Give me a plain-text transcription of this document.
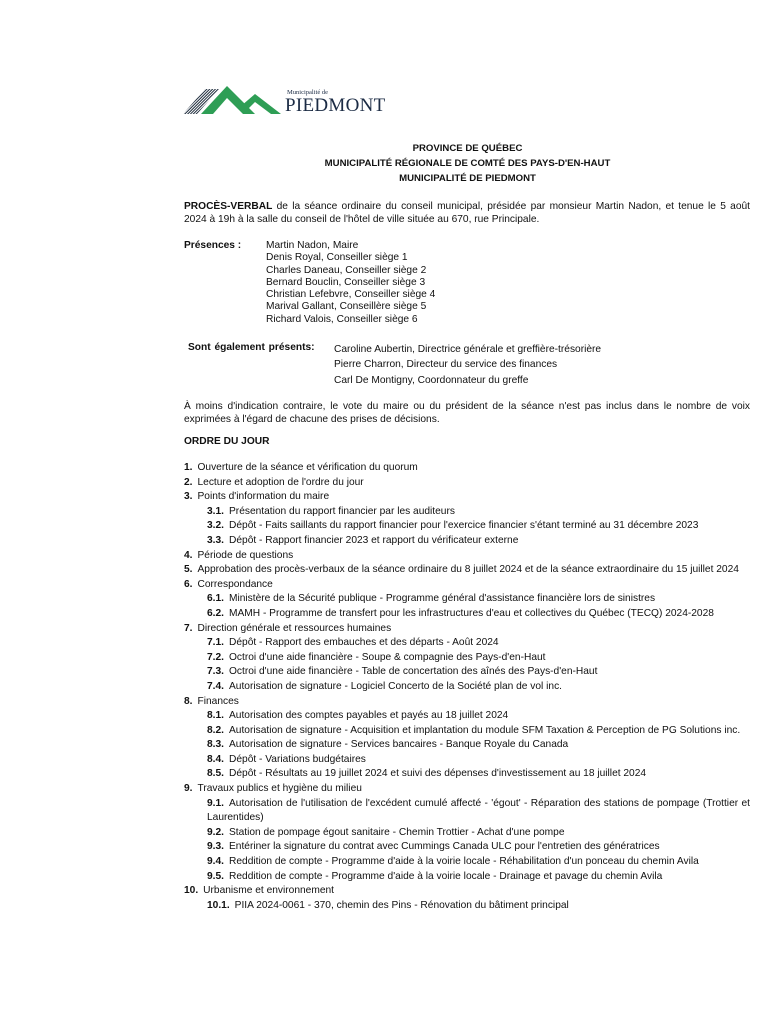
Municipalité de
PIEDMONT
PROVINCE DE QUÉBEC
MUNICIPALITÉ RÉGIONALE DE COMTÉ DES PAYS-D'EN-HAUT
MUNICIPALITÉ DE PIEDMONT
PROCÈS-VERBAL de la séance ordinaire du conseil municipal, présidée par monsieur Martin Nadon, et tenue le 5 août 2024 à 19h à la salle du conseil de l'hôtel de ville située au 670, rue Principale.
Présences : Martin Nadon, Maire
Denis Royal, Conseiller siège 1
Charles Daneau, Conseiller siège 2
Bernard Bouclin, Conseiller siège 3
Christian Lefebvre, Conseiller siège 4
Marival Gallant, Conseillère siège 5
Richard Valois, Conseiller siège 6
Sont également présents: Caroline Aubertin, Directrice générale et greffière-trésorière
Pierre Charron, Directeur du service des finances
Carl De Montigny, Coordonnateur du greffe
À moins d'indication contraire, le vote du maire ou du président de la séance n'est pas inclus dans le nombre de voix exprimées à l'égard de chacune des prises de décisions.
ORDRE DU JOUR
1. Ouverture de la séance et vérification du quorum
2. Lecture et adoption de l'ordre du jour
3. Points d'information du maire
3.1. Présentation du rapport financier par les auditeurs
3.2. Dépôt - Faits saillants du rapport financier pour l'exercice financier s'étant terminé au 31 décembre 2023
3.3. Dépôt - Rapport financier 2023 et rapport du vérificateur externe
4. Période de questions
5. Approbation des procès-verbaux de la séance ordinaire du 8 juillet 2024 et de la séance extraordinaire du 15 juillet 2024
6. Correspondance
6.1. Ministère de la Sécurité publique - Programme général d'assistance financière lors de sinistres
6.2. MAMH - Programme de transfert pour les infrastructures d'eau et collectives du Québec (TECQ) 2024-2028
7. Direction générale et ressources humaines
7.1. Dépôt - Rapport des embauches et des départs - Août 2024
7.2. Octroi d'une aide financière - Soupe & compagnie des Pays-d'en-Haut
7.3. Octroi d'une aide financière - Table de concertation des aînés des Pays-d'en-Haut
7.4. Autorisation de signature - Logiciel Concerto de la Société plan de vol inc.
8. Finances
8.1. Autorisation des comptes payables et payés au 18 juillet 2024
8.2. Autorisation de signature - Acquisition et implantation du module SFM Taxation & Perception de PG Solutions inc.
8.3. Autorisation de signature - Services bancaires - Banque Royale du Canada
8.4. Dépôt - Variations budgétaires
8.5. Dépôt - Résultats au 19 juillet 2024 et suivi des dépenses d'investissement au 18 juillet 2024
9. Travaux publics et hygiène du milieu
9.1. Autorisation de l'utilisation de l'excédent cumulé affecté - 'égout' - Réparation des stations de pompage (Trottier et Laurentides)
9.2. Station de pompage égout sanitaire - Chemin Trottier - Achat d'une pompe
9.3. Entériner la signature du contrat avec Cummings Canada ULC pour l'entretien des génératrices
9.4. Reddition de compte - Programme d'aide à la voirie locale - Réhabilitation d'un ponceau du chemin Avila
9.5. Reddition de compte - Programme d'aide à la voirie locale - Drainage et pavage du chemin Avila
10. Urbanisme et environnement
10.1. PIIA 2024-0061 - 370, chemin des Pins - Rénovation du bâtiment principal
